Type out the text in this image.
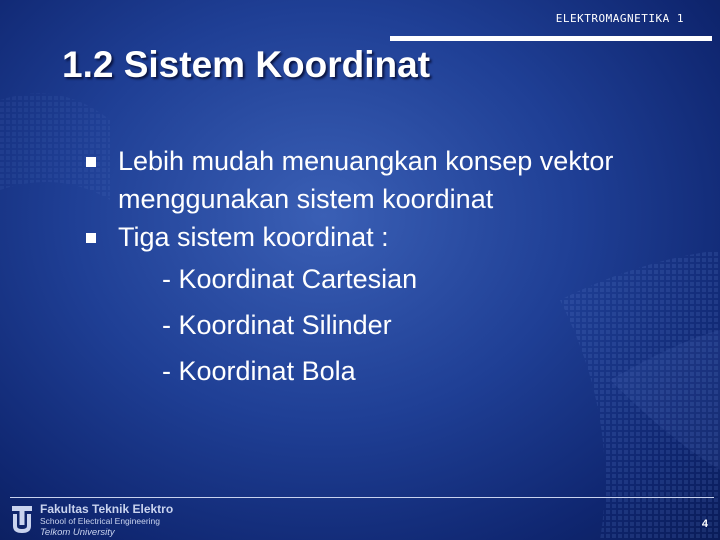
ELEKTROMAGNETIKA 1
1.2 Sistem Koordinat
Lebih mudah menuangkan konsep vektor
menggunakan sistem koordinat
Tiga sistem koordinat :
- Koordinat Cartesian
- Koordinat Silinder
- Koordinat Bola
Fakultas Teknik Elektro
School of Electrical Engineering
Telkom University
4
